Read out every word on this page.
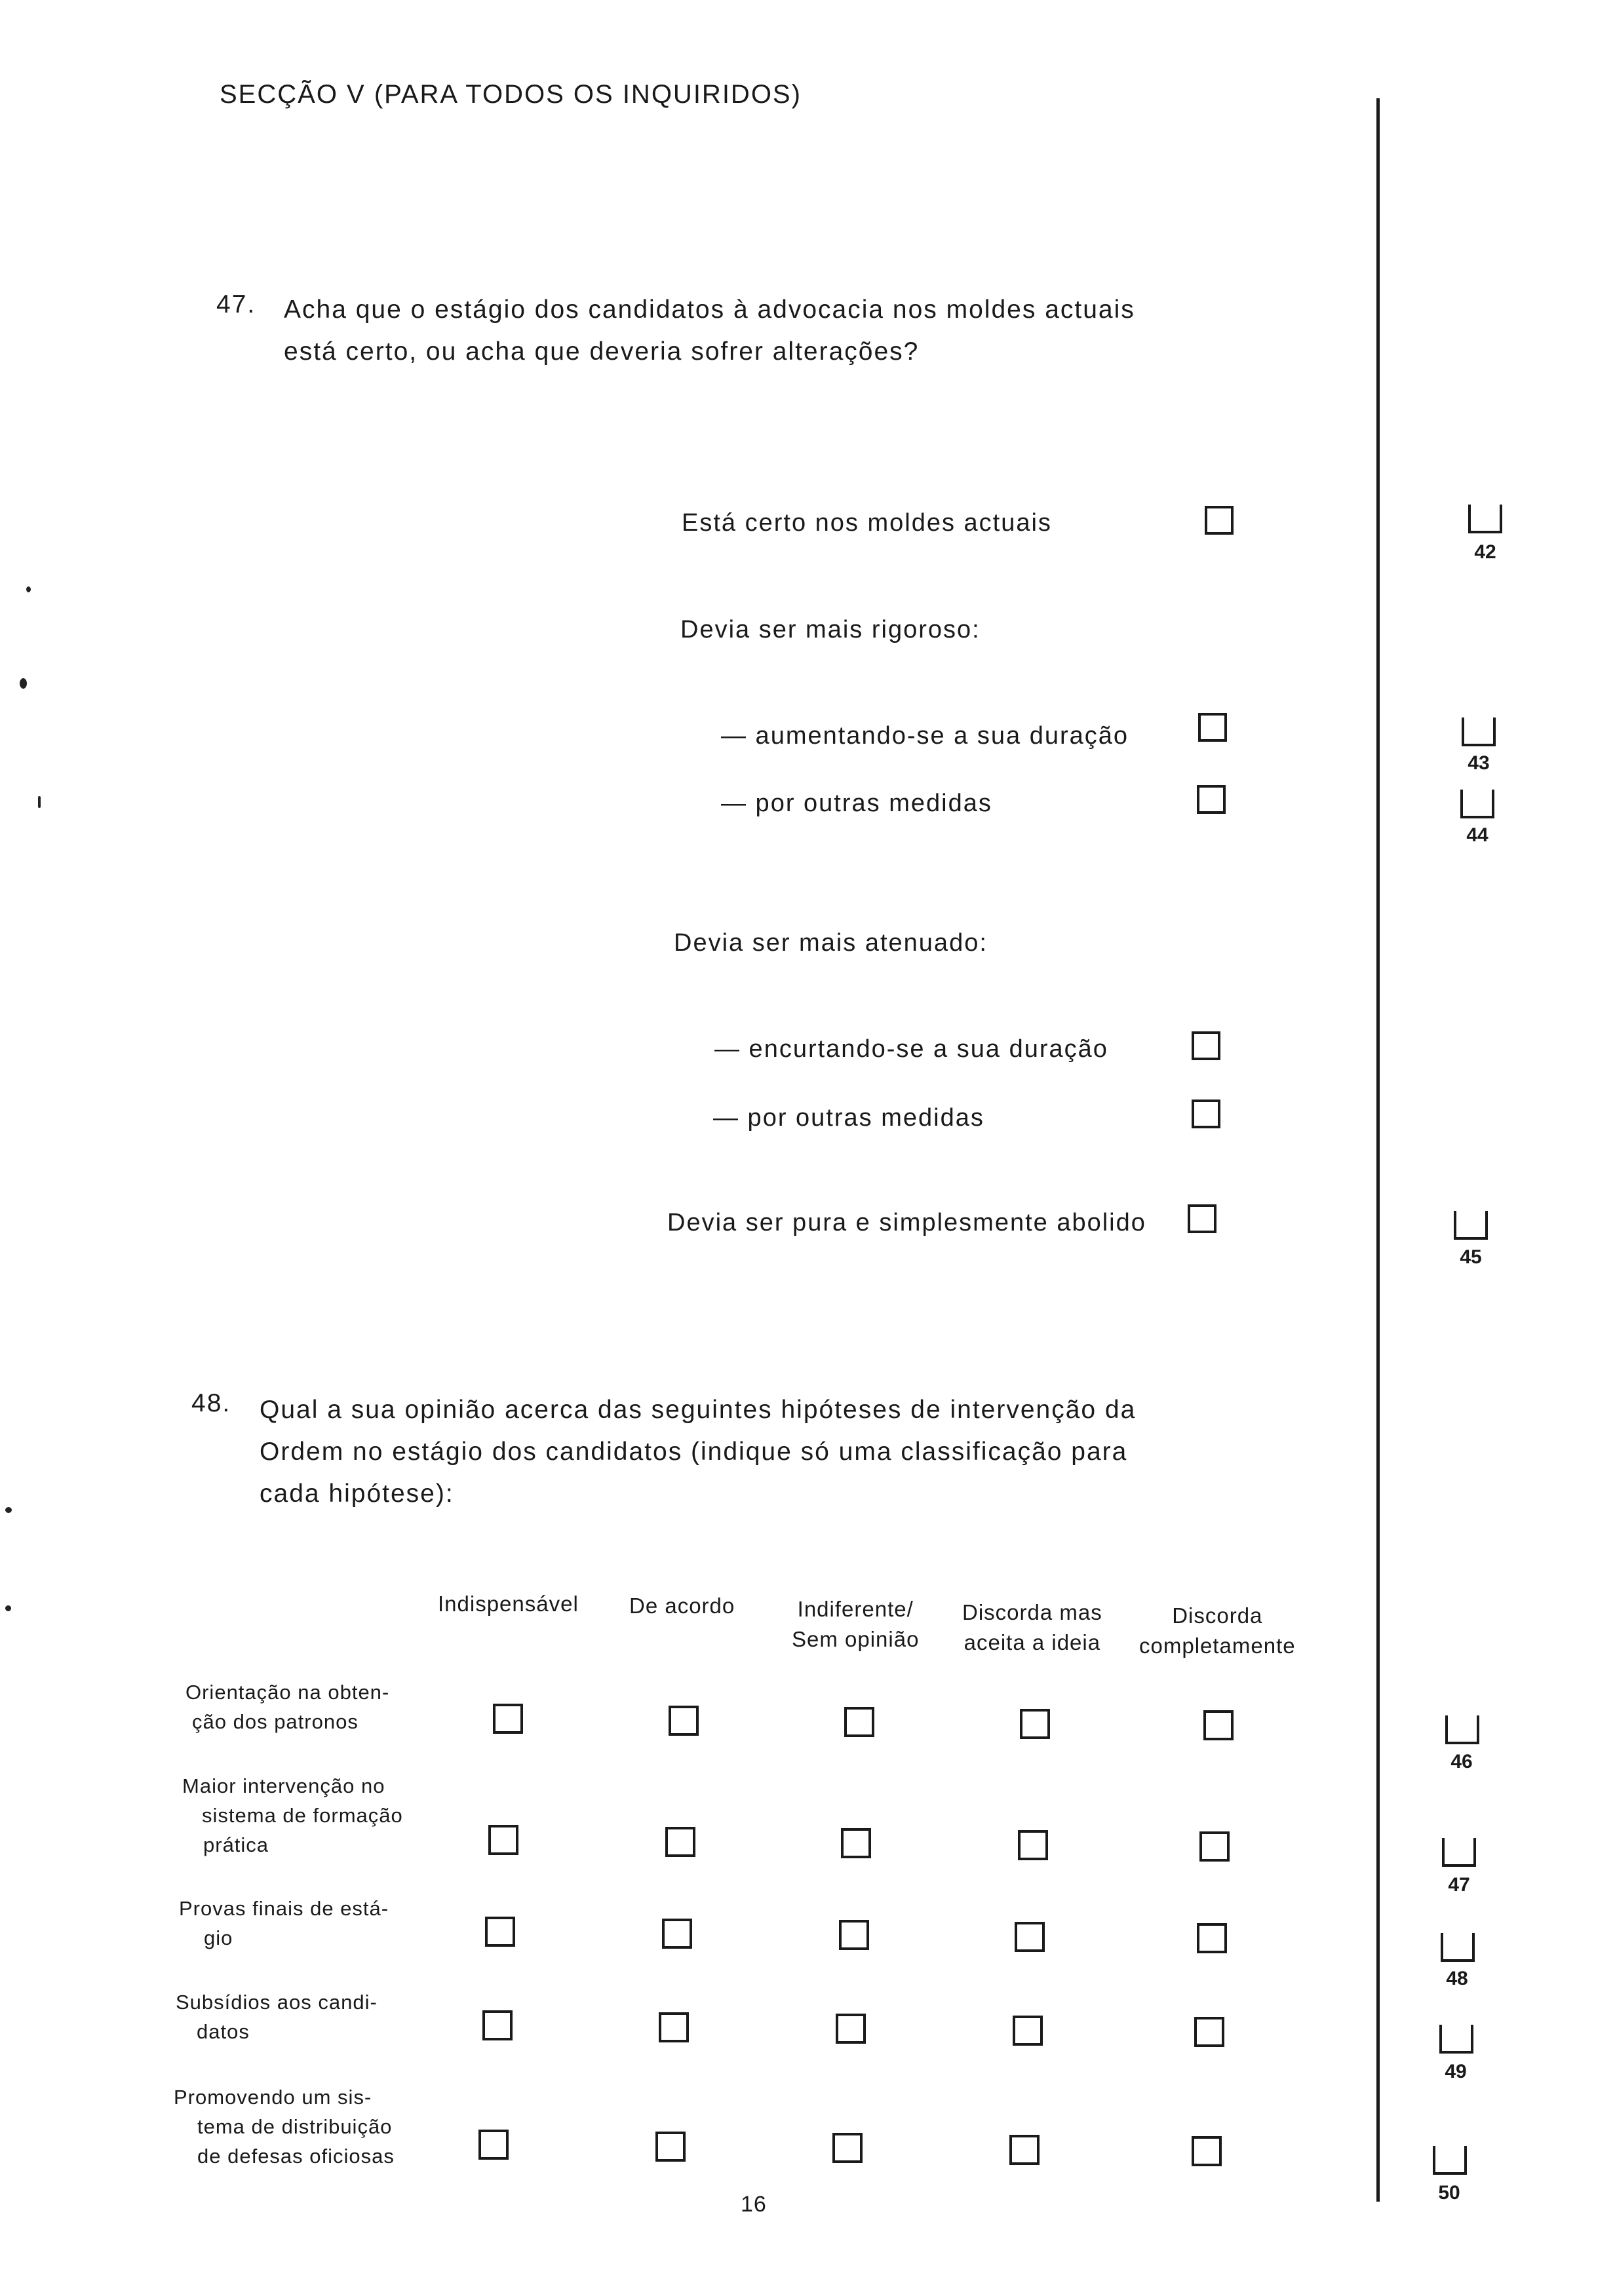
SECÇÃO V (PARA TODOS OS INQUIRIDOS)
47. Acha que o estágio dos candidatos à advocacia nos moldes actuais
está certo, ou acha que deveria sofrer alterações?
Está certo nos moldes actuais
Devia ser mais rigoroso:
— aumentando-se a sua duração
— por outras medidas
Devia ser mais atenuado:
— encurtando-se a sua duração
— por outras medidas
Devia ser pura e simplesmente abolido
42
43
44
45
48. Qual a sua opinião acerca das seguintes hipóteses de intervenção da
Ordem no estágio dos candidatos (indique só uma classificação para
cada hipótese):
Indispensável De acordo	Indiferente/
Sem opinião
Discorda mas
aceita a ideia
Discorda
completamente
Orientação na obten-
ção dos patronos
Maior intervenção no
sistema de formação
prática
Provas finais de está-
gio
Subsídios aos candi-
datos
Promovendo um sis-
tema de distribuição
de defesas oficiosas
46
47
48
49
50
16
